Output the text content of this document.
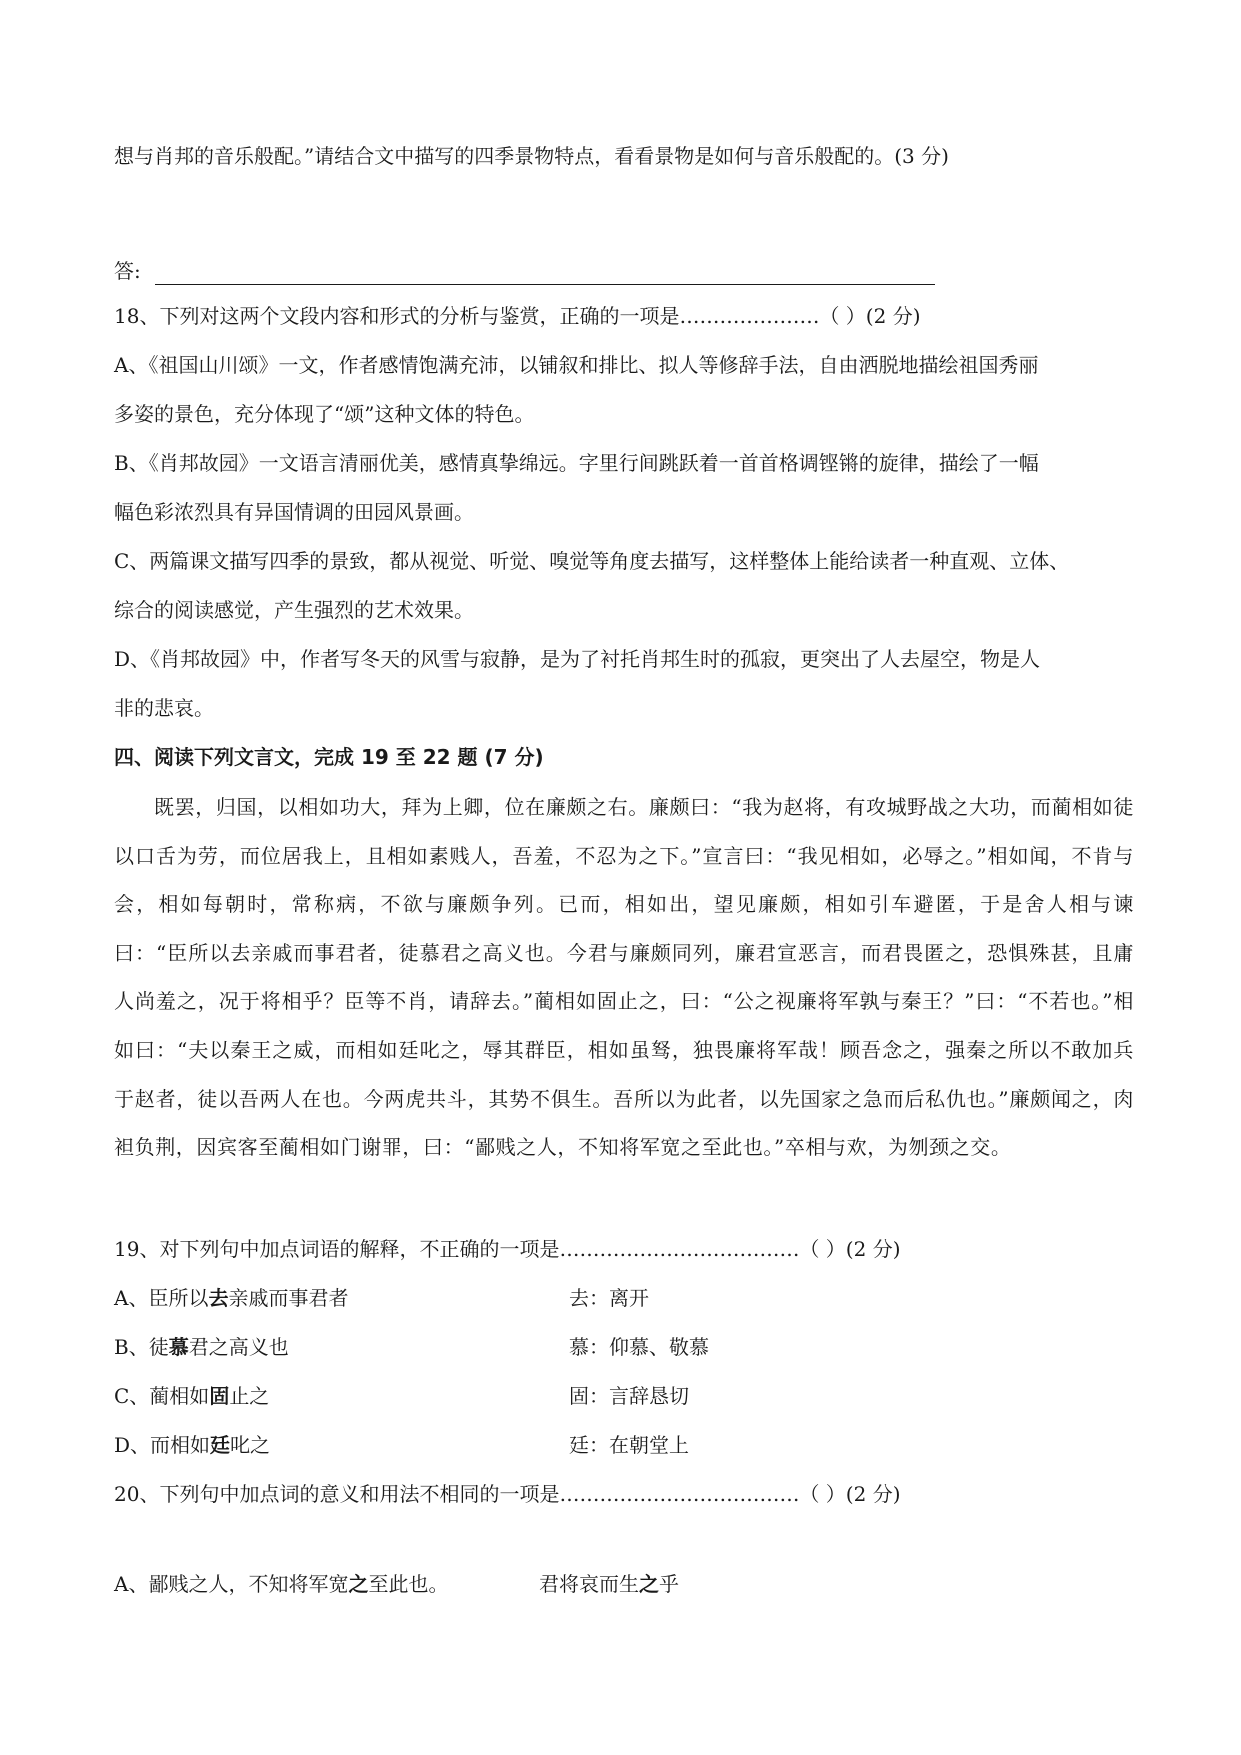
想与肖邦的音乐般配。”请结合文中描写的四季景物特点，看看景物是如何与音乐般配的。(3 分)
答:
18、下列对这两个文段内容和形式的分析与鉴赏，正确的一项是…………………（ ）(2 分)
A、《祖国山川颂》一文，作者感情饱满充沛，以铺叙和排比、拟人等修辞手法，自由洒脱地描绘祖国秀丽
多姿的景色，充分体现了“颂”这种文体的特色。
B、《肖邦故园》一文语言清丽优美，感情真挚绵远。字里行间跳跃着一首首格调铿锵的旋律，描绘了一幅
幅色彩浓烈具有异国情调的田园风景画。
C、两篇课文描写四季的景致，都从视觉、听觉、嗅觉等角度去描写，这样整体上能给读者一种直观、立体、
综合的阅读感觉，产生强烈的艺术效果。
D、《肖邦故园》中，作者写冬天的风雪与寂静，是为了衬托肖邦生时的孤寂，更突出了人去屋空，物是人
非的悲哀。
四、阅读下列文言文，完成 19 至 22 题 (7 分)
既罢，归国，以相如功大，拜为上卿，位在廉颇之右。廉颇曰：“我为赵将，有攻城野战之大功，而蔺相如徒以口舌为劳，而位居我上，且相如素贱人，吾羞，不忍为之下。”宣言曰：“我见相如，必辱之。”相如闻，不肯与会，相如每朝时，常称病，不欲与廉颇争列。已而，相如出，望见廉颇，相如引车避匿，于是舍人相与谏曰：“臣所以去亲戚而事君者，徒慕君之高义也。今君与廉颇同列，廉君宣恶言，而君畏匿之，恐惧殊甚，且庸人尚羞之，况于将相乎？臣等不肖，请辞去。”蔺相如固止之，曰：“公之视廉将军孰与秦王？”曰：“不若也。”相如曰：“夫以秦王之威，而相如廷叱之，辱其群臣，相如虽驽，独畏廉将军哉！顾吾念之，强秦之所以不敢加兵于赵者，徒以吾两人在也。今两虎共斗，其势不俱生。吾所以为此者，以先国家之急而后私仇也。”廉颇闻之，肉袒负荆，因宾客至蔺相如门谢罪，曰：“鄙贱之人，不知将军宽之至此也。”卒相与欢，为刎颈之交。
19、对下列句中加点词语的解释，不正确的一项是………………………………（ ）(2 分)
A、臣所以去亲戚而事君者	去：离开
B、徒慕君之高义也	慕：仰慕、敬慕
C、蔺相如固止之	固：言辞恳切
D、而相如廷叱之	廷：在朝堂上
20、下列句中加点词的意义和用法不相同的一项是………………………………（ ）(2 分)
A、鄙贱之人，不知将军宽之至此也。	君将哀而生之乎
